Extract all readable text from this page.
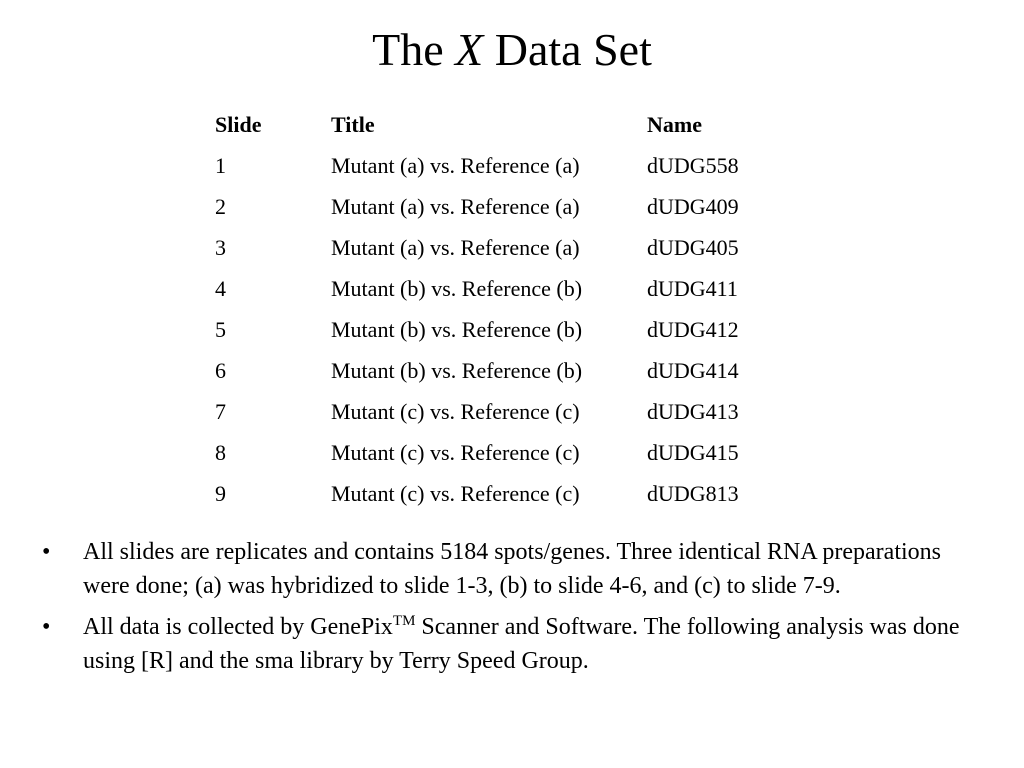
The X Data Set
Slide	Title	Name
1	Mutant (a) vs. Reference (a)	dUDG558
2	Mutant (a) vs. Reference (a)	dUDG409
3	Mutant (a) vs. Reference (a)	dUDG405
4	Mutant (b) vs. Reference (b)	dUDG411
5	Mutant (b) vs. Reference (b)	dUDG412
6	Mutant (b) vs. Reference (b)	dUDG414
7	Mutant (c) vs. Reference (c)	dUDG413
8	Mutant (c) vs. Reference (c)	dUDG415
9	Mutant (c) vs. Reference (c)	dUDG813
• All slides are replicates and contains 5184 spots/genes. Three identical RNA preparations were done; (a) was hybridized to slide 1-3, (b) to slide 4-6, and (c) to slide 7-9.
• All data is collected by GenePix™ Scanner and Software. The following analysis was done using [R] and the sma library by Terry Speed Group.
